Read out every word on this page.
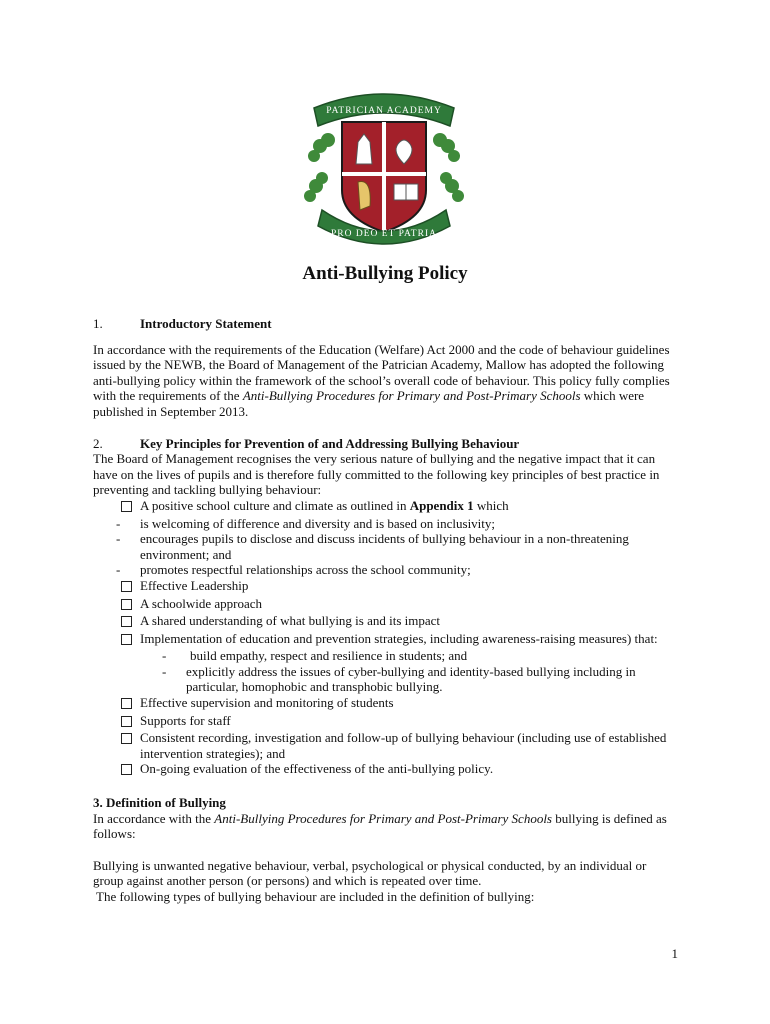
PATRICIAN ACADEMY
PRO DEO ET PATRIA
Anti-Bullying Policy
1.	Introductory Statement

In accordance with the requirements of the Education (Welfare) Act 2000 and the code of behaviour guidelines issued by the NEWB, the Board of Management of the Patrician Academy, Mallow has adopted the following anti-bullying policy within the framework of the school’s overall code of behaviour. This policy fully complies with the requirements of the Anti-Bullying Procedures for Primary and Post-Primary Schools which were published in September 2013.

2.	Key Principles for Prevention of and Addressing Bullying Behaviour

The Board of Management recognises the very serious nature of bullying and the negative impact that it can have on the lives of pupils and is therefore fully committed to the following key principles of best practice in preventing and tackling bullying behaviour:

A positive school culture and climate as outlined in Appendix 1 which
-	is welcoming of difference and diversity and is based on inclusivity;
-	encourages pupils to disclose and discuss incidents of bullying behaviour in a non-threatening environment; and
-	promotes respectful relationships across the school community;
Effective Leadership
A schoolwide approach
A shared understanding of what bullying is and its impact
Implementation of education and prevention strategies, including awareness-raising measures) that:
-	build empathy, respect and resilience in students; and
-	explicitly address the issues of cyber-bullying and identity-based bullying including in particular, homophobic and transphobic bullying.
Effective supervision and monitoring of students
Supports for staff
Consistent recording, investigation and follow-up of bullying behaviour (including use of established intervention strategies); and
On-going evaluation of the effectiveness of the anti-bullying policy.
3. Definition of Bullying

In accordance with the Anti-Bullying Procedures for Primary and Post-Primary Schools bullying is defined as follows:

Bullying is unwanted negative behaviour, verbal, psychological or physical conducted, by an individual or group against another person (or persons) and which is repeated over time.

The following types of bullying behaviour are included in the definition of bullying:

1
